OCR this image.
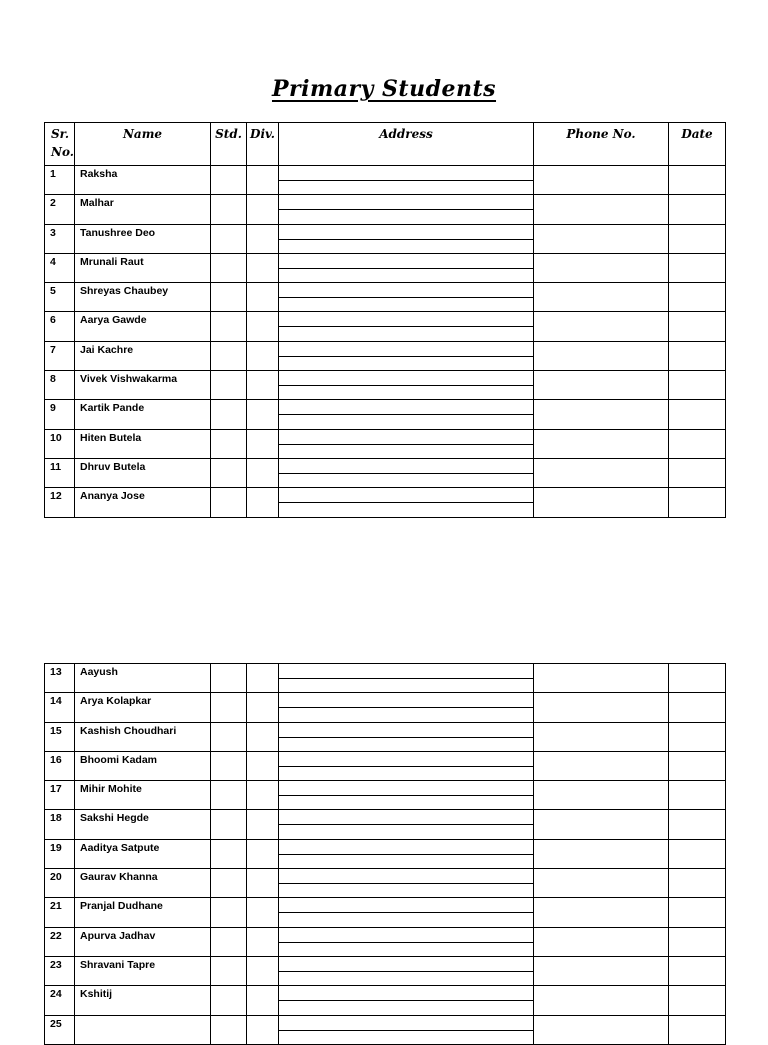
Primary Students
Sr.
No.	Name	Std.	Div.	Address	Phone No.	Date
1	Raksha			

2	Malhar			

3	Tanushree Deo			

4	Mrunali Raut			

5	Shreyas Chaubey			

6	Aarya Gawde			

7	Jai Kachre			

8	Vivek Vishwakarma			

9	Kartik Pande			

10	Hiten Butela			

11	Dhruv Butela			

12	Ananya Jose			

13	Aayush			

14	Arya Kolapkar			

15	Kashish Choudhari			

16	Bhoomi Kadam			

17	Mihir Mohite			

18	Sakshi Hegde			

19	Aaditya Satpute			

20	Gaurav Khanna			

21	Pranjal Dudhane			

22	Apurva Jadhav			

23	Shravani Tapre			

24	Kshitij			

25				
